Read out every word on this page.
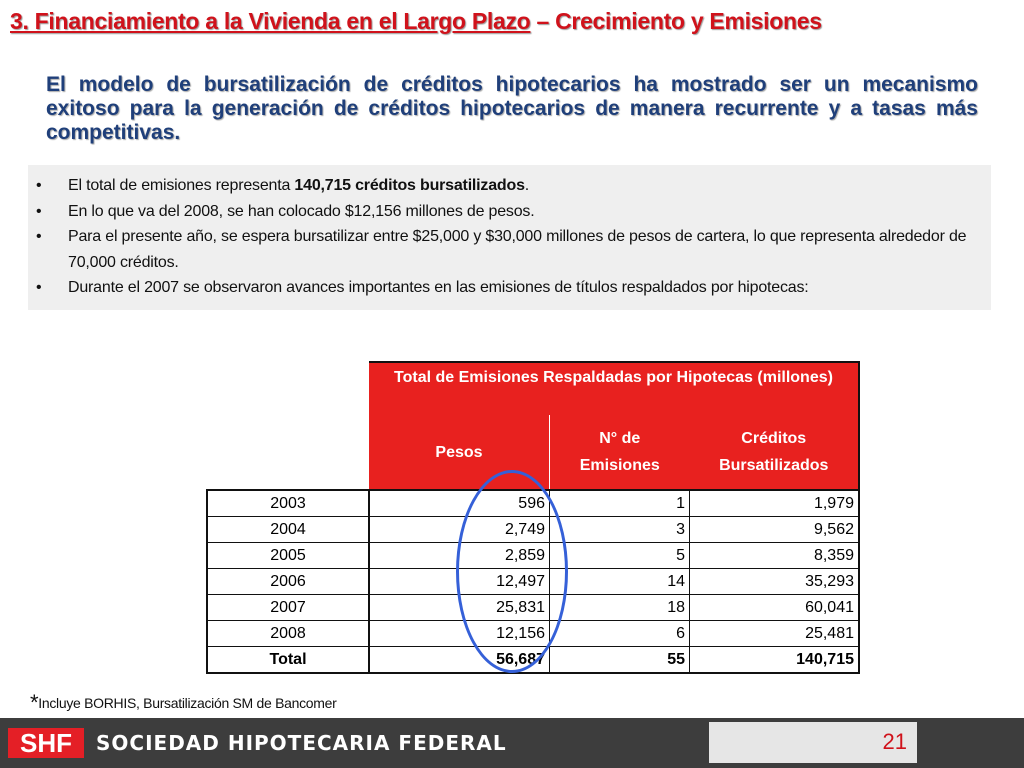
3. Financiamiento a la Vivienda en el Largo Plazo – Crecimiento y Emisiones
El modelo de bursatilización de créditos hipotecarios ha mostrado ser un mecanismo exitoso para la generación de créditos hipotecarios de manera recurrente y a tasas más competitivas.
• El total de emisiones representa 140,715 créditos bursatilizados.
• En lo que va del 2008, se han colocado $12,156 millones de pesos.
• Para el presente año, se espera bursatilizar entre $25,000 y $30,000 millones de pesos de cartera, lo que representa alrededor de 70,000 créditos.
• Durante el 2007 se observaron avances importantes en las emisiones de títulos respaldados por hipotecas:
	Total de Emisiones Respaldadas por Hipotecas (millones)		
	Pesos	N° de Emisiones	Créditos Bursatilizados
2003	596	1	1,979
2004	2,749	3	9,562
2005	2,859	5	8,359
2006	12,497	14	35,293
2007	25,831	18	60,041
2008	12,156	6	25,481
Total	56,687	55	140,715
*Incluye BORHIS, Bursatilización SM de Bancomer
SHF	SOCIEDAD HIPOTECARIA FEDERAL	21
